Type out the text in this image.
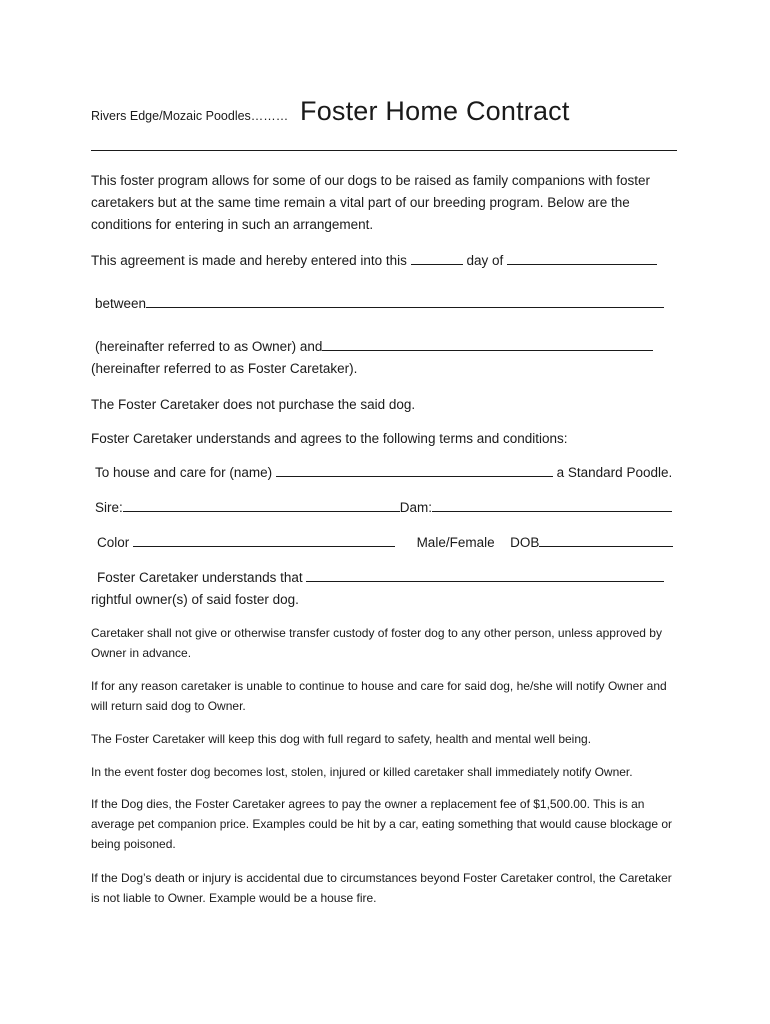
Rivers Edge/Mozaic Poodles……… Foster Home Contract
This foster program allows for some of our dogs to be raised as family companions with foster caretakers but at the same time remain a vital part of our breeding program. Below are the conditions for entering in such an arrangement.
This agreement is made and hereby entered into this	day of
between
(hereinafter referred to as Owner) and
(hereinafter referred to as Foster Caretaker).
The Foster Caretaker does not purchase the said dog.
Foster Caretaker understands and agrees to the following terms and conditions:
To house and care for (name)	a Standard Poodle.
Sire:	Dam:
Color	Male/Female DOB
Foster Caretaker understands that
rightful owner(s) of said foster dog.
Caretaker shall not give or otherwise transfer custody of foster dog to any other person, unless approved by Owner in advance.
If for any reason caretaker is unable to continue to house and care for said dog, he/she will notify Owner and will return said dog to Owner.
The Foster Caretaker will keep this dog with full regard to safety, health and mental well being.
In the event foster dog becomes lost, stolen, injured or killed caretaker shall immediately notify Owner.
If the Dog dies, the Foster Caretaker agrees to pay the owner a replacement fee of $1,500.00. This is an average pet companion price. Examples could be hit by a car, eating something that would cause blockage or being poisoned.
If the Dog’s death or injury is accidental due to circumstances beyond Foster Caretaker control, the Caretaker is not liable to Owner. Example would be a house fire.
